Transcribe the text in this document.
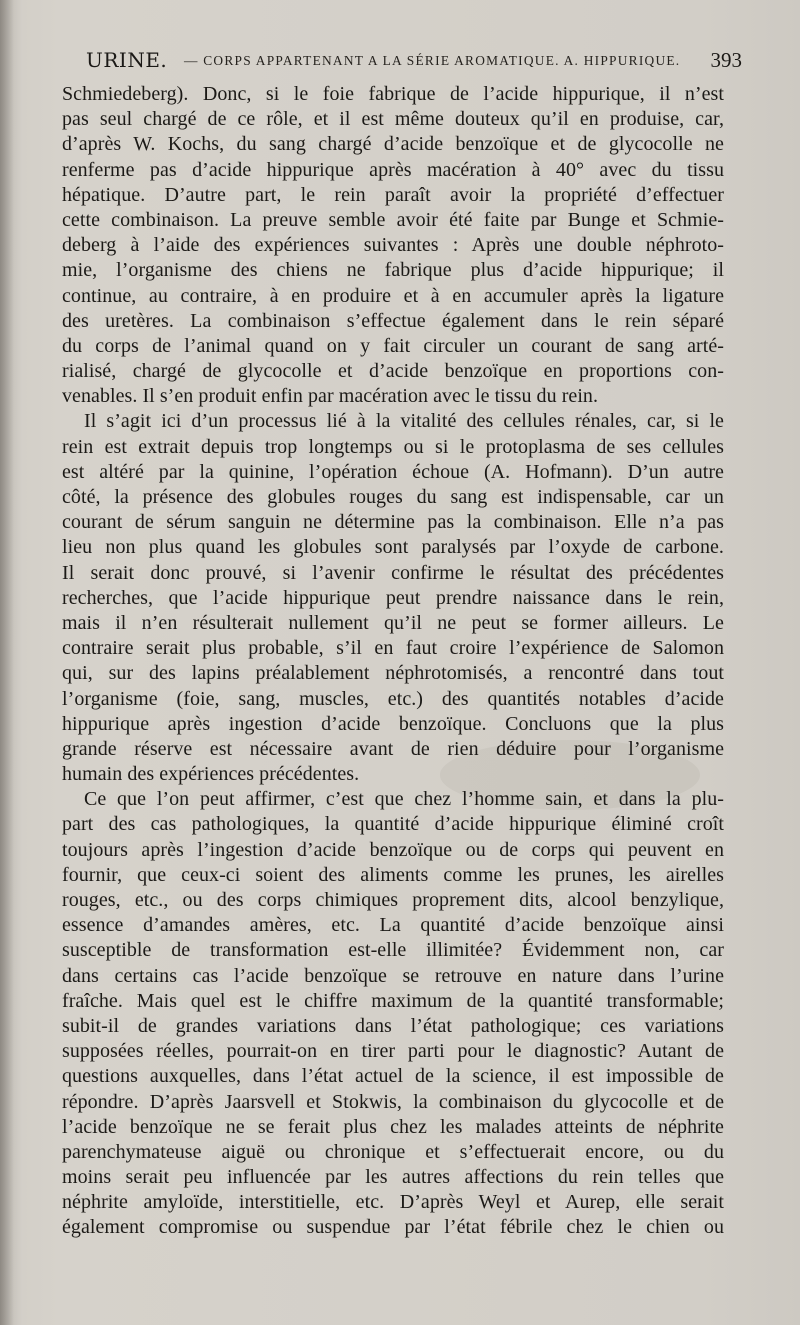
URINE. — CORPS APPARTENANT A LA SÉRIE AROMATIQUE. A. HIPPURIQUE. 393
Schmiedeberg). Donc, si le foie fabrique de l’acide hippurique, il n’est
pas seul chargé de ce rôle, et il est même douteux qu’il en produise, car,
d’après W. Kochs, du sang chargé d’acide benzoïque et de glycocolle ne
renferme pas d’acide hippurique après macération à 40° avec du tissu
hépatique. D’autre part, le rein paraît avoir la propriété d’effectuer
cette combinaison. La preuve semble avoir été faite par Bunge et Schmie-
deberg à l’aide des expériences suivantes : Après une double néphroto-
mie, l’organisme des chiens ne fabrique plus d’acide hippurique; il
continue, au contraire, à en produire et à en accumuler après la ligature
des uretères. La combinaison s’effectue également dans le rein séparé
du corps de l’animal quand on y fait circuler un courant de sang arté-
rialisé, chargé de glycocolle et d’acide benzoïque en proportions con-
venables. Il s’en produit enfin par macération avec le tissu du rein.
Il s’agit ici d’un processus lié à la vitalité des cellules rénales, car, si le
rein est extrait depuis trop longtemps ou si le protoplasma de ses cellules
est altéré par la quinine, l’opération échoue (A. Hofmann). D’un autre
côté, la présence des globules rouges du sang est indispensable, car un
courant de sérum sanguin ne détermine pas la combinaison. Elle n’a pas
lieu non plus quand les globules sont paralysés par l’oxyde de carbone.
Il serait donc prouvé, si l’avenir confirme le résultat des précédentes
recherches, que l’acide hippurique peut prendre naissance dans le rein,
mais il n’en résulterait nullement qu’il ne peut se former ailleurs. Le
contraire serait plus probable, s’il en faut croire l’expérience de Salomon
qui, sur des lapins préalablement néphrotomisés, a rencontré dans tout
l’organisme (foie, sang, muscles, etc.) des quantités notables d’acide
hippurique après ingestion d’acide benzoïque. Concluons que la plus
grande réserve est nécessaire avant de rien déduire pour l’organisme
humain des expériences précédentes.
Ce que l’on peut affirmer, c’est que chez l’homme sain, et dans la plu-
part des cas pathologiques, la quantité d’acide hippurique éliminé croît
toujours après l’ingestion d’acide benzoïque ou de corps qui peuvent en
fournir, que ceux-ci soient des aliments comme les prunes, les airelles
rouges, etc., ou des corps chimiques proprement dits, alcool benzylique,
essence d’amandes amères, etc. La quantité d’acide benzoïque ainsi
susceptible de transformation est-elle illimitée? Évidemment non, car
dans certains cas l’acide benzoïque se retrouve en nature dans l’urine
fraîche. Mais quel est le chiffre maximum de la quantité transformable;
subit-il de grandes variations dans l’état pathologique; ces variations
supposées réelles, pourrait-on en tirer parti pour le diagnostic? Autant de
questions auxquelles, dans l’état actuel de la science, il est impossible de
répondre. D’après Jaarsvell et Stokwis, la combinaison du glycocolle et de
l’acide benzoïque ne se ferait plus chez les malades atteints de néphrite
parenchymateuse aiguë ou chronique et s’effectuerait encore, ou du
moins serait peu influencée par les autres affections du rein telles que
néphrite amyloïde, interstitielle, etc. D’après Weyl et Aurep, elle serait
également compromise ou suspendue par l’état fébrile chez le chien ou
